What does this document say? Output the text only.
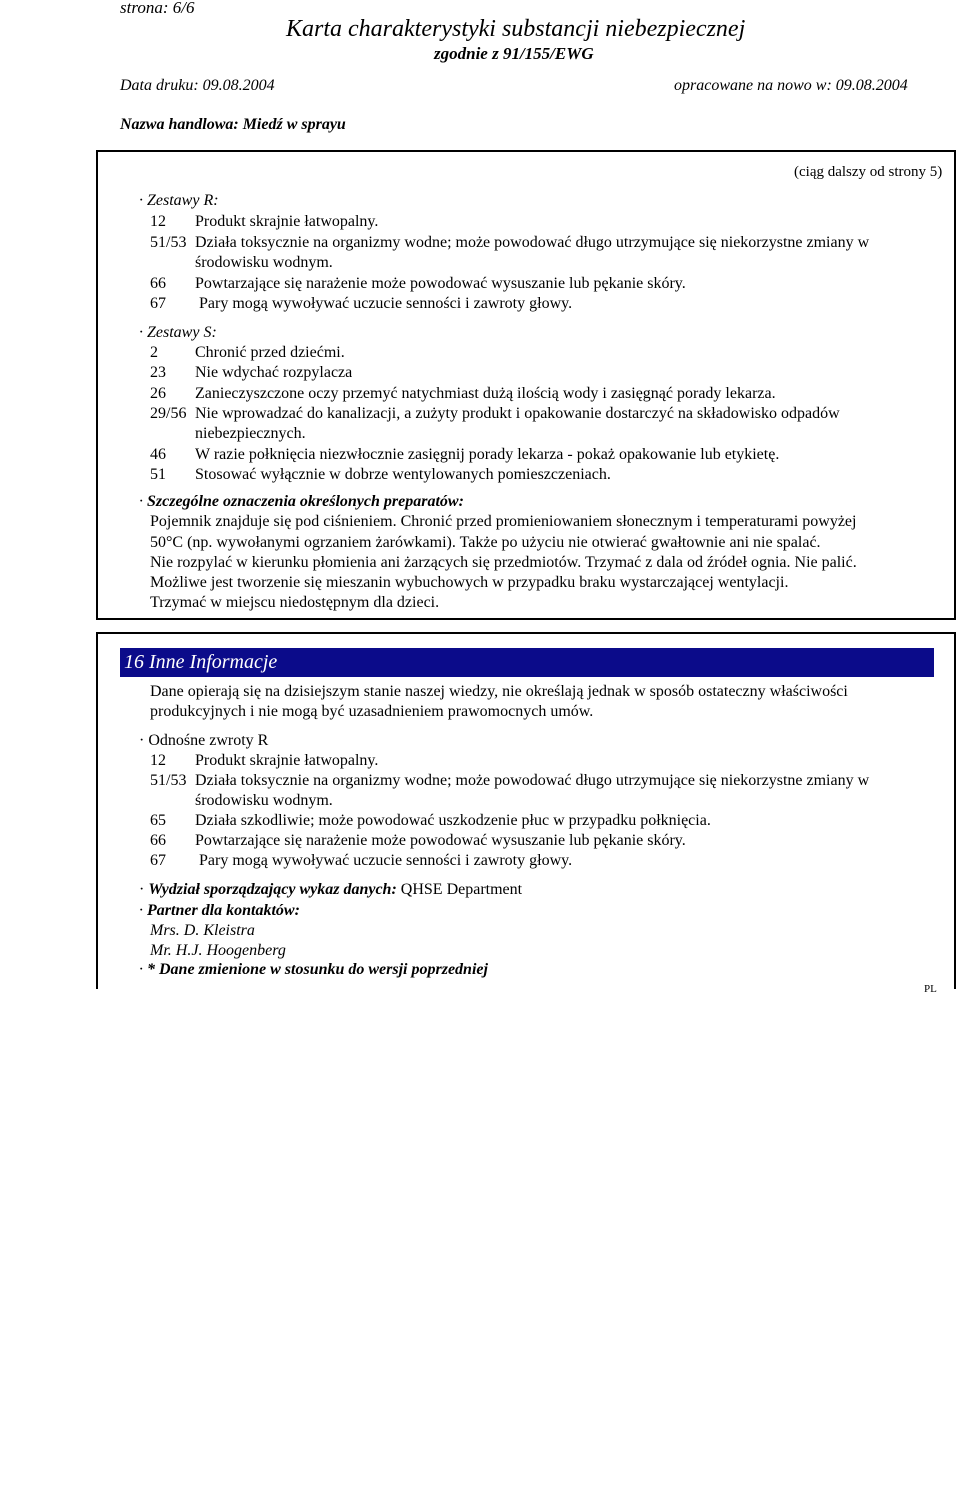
strona: 6/6
Karta charakterystyki substancji niebezpiecznej
zgodnie z 91/155/EWG
Data druku: 09.08.2004	opracowane na nowo w: 09.08.2004
Nazwa handlowa: Miedź w sprayu
(ciąg dalszy od strony 5)
· Zestawy R:
12 Produkt skrajnie łatwopalny.
51/53 Działa toksycznie na organizmy wodne; może powodować długo utrzymujące się niekorzystne zmiany w
środowisku wodnym.
66 Powtarzające się narażenie może powodować wysuszanie lub pękanie skóry.
67 Pary mogą wywoływać uczucie senności i zawroty głowy.
· Zestawy S:
2 Chronić przed dziećmi.
23 Nie wdychać rozpylacza
26 Zanieczyszczone oczy przemyć natychmiast dużą ilością wody i zasięgnąć porady lekarza.
29/56 Nie wprowadzać do kanalizacji, a zużyty produkt i opakowanie dostarczyć na składowisko odpadów
niebezpiecznych.
46 W razie połknięcia niezwłocznie zasięgnij porady lekarza - pokaż opakowanie lub etykietę.
51 Stosować wyłącznie w dobrze wentylowanych pomieszczeniach.
· Szczególne oznaczenia określonych preparatów:
Pojemnik znajduje się pod ciśnieniem. Chronić przed promieniowaniem słonecznym i temperaturami powyżej
50°C (np. wywołanymi ogrzaniem żarówkami). Także po użyciu nie otwierać gwałtownie ani nie spalać.
Nie rozpylać w kierunku płomienia ani żarzących się przedmiotów. Trzymać z dala od źródeł ognia. Nie palić.
Możliwe jest tworzenie się mieszanin wybuchowych w przypadku braku wystarczającej wentylacji.
Trzymać w miejscu niedostępnym dla dzieci.
16 Inne Informacje
Dane opierają się na dzisiejszym stanie naszej wiedzy, nie określają jednak w sposób ostateczny właściwości
produkcyjnych i nie mogą być uzasadnieniem prawomocnych umów.
· Odnośne zwroty R
12 Produkt skrajnie łatwopalny.
51/53 Działa toksycznie na organizmy wodne; może powodować długo utrzymujące się niekorzystne zmiany w
środowisku wodnym.
65 Działa szkodliwie; może powodować uszkodzenie płuc w przypadku połknięcia.
66 Powtarzające się narażenie może powodować wysuszanie lub pękanie skóry.
67 Pary mogą wywoływać uczucie senności i zawroty głowy.
· Wydział sporządzający wykaz danych: QHSE Department
· Partner dla kontaktów:
Mrs. D. Kleistra
Mr. H.J. Hoogenberg
· * Dane zmienione w stosunku do wersji poprzedniej
PL
